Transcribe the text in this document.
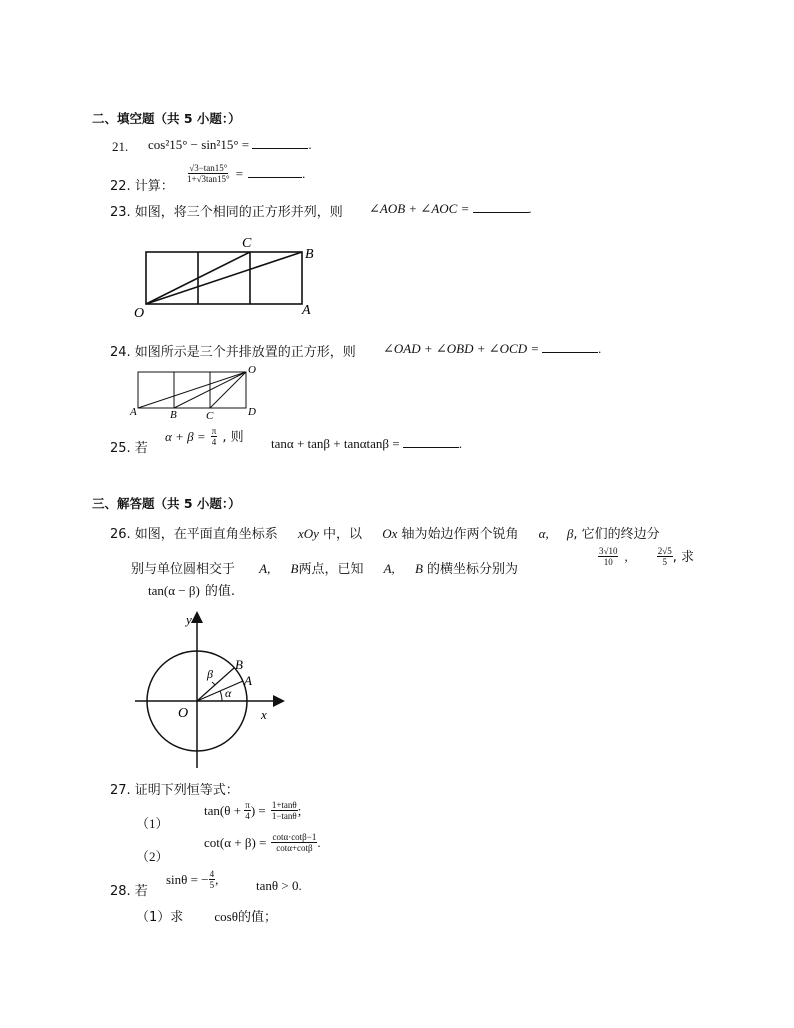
二、填空题（共 5 小题：）
21. cos²15° − sin²15° =	.
22. 计算：
$\frac{√3-\tan 15^\circ}{1+√3\tan 15^\circ}$ =	.
23. 如图，将三个相同的正方形并列，则 ∠AOB + ∠AOC =	.
C
B
O	A
24. 如图所示是三个并排放置的正方形，则 ∠OAD + ∠OBD + ∠OCD =	.
O
A	B	C	D
25. 若
$\alpha + \beta = \frac{\pi}{4}$ , 则 tanα + tanβ + tanαtanβ =	.
三、解答题（共 5 小题：）
26. 如图，在平面直角坐标系 xOy 中，以 Ox 轴为始边作两个锐角 α, β, 它们的终边分
别与单位圆相交于 A, B两点，已知 A, B 的横坐标分别为
$\frac{3√10}{10}$ ,	$\frac{2√5}{5}$ , 求
tan(α − β) 的值.
y
x
O
A
B
α
β
27. 证明下列恒等式：
（1）
$\tan(\theta + \frac{\pi}{4}$ ) = $\frac{1+\tan\theta}{1-\tan\theta}$ ;
（2）
$\cot(\alpha + \beta) = \frac{\cot\alpha\cdot\cot\beta-1}{\cot\alpha+\cot\beta}$ .
28. 若
sinθ = − $\frac{4}{5}$ ,	tanθ > 0.
（1）求 cosθ的值；
